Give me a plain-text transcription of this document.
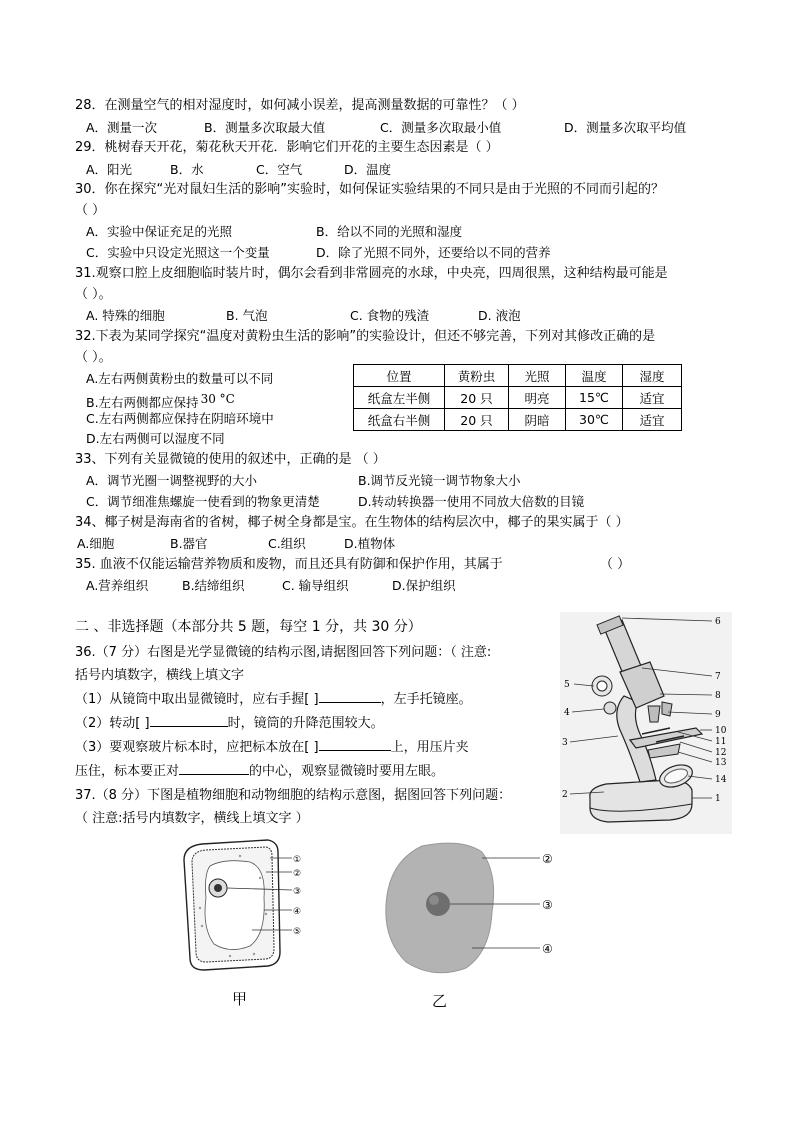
28．在测量空气的相对湿度时，如何减小误差，提高测量数据的可靠性？（ ）
A．测量一次	B．测量多次取最大值	C．测量多次取最小值	D．测量多次取平均值
29．桃树春天开花，菊花秋天开花．影响它们开花的主要生态因素是（ ）
A．阳光	B．水	C．空气	D．温度
30．你在探究“光对鼠妇生活的影响”实验时，如何保证实验结果的不同只是由于光照的不同而引起的？
（ ）
A．实验中保证充足的光照	B．给以不同的光照和湿度
C．实验中只设定光照这一个变量	D．除了光照不同外，还要给以不同的营养
31.观察口腔上皮细胞临时装片时，偶尔会看到非常圆亮的水球，中央亮，四周很黑，这种结构最可能是
（ ）。
A. 特殊的细胞	B. 气泡	C. 食物的残渣	D. 液泡
32.下表为某同学探究“温度对黄粉虫生活的影响”的实验设计，但还不够完善，下列对其修改正确的是
（ ）。
A.左右两侧黄粉虫的数量可以不同
B.左右两侧都应保持 30 °C
C.左右两侧都应保持在阴暗环境中
D.左右两侧可以湿度不同
位置	黄粉虫	光照	温度	湿度
纸盒左半侧	20 只	明亮	15℃	适宜
纸盒右半侧	20 只	阴暗	30℃	适宜
33、下列有关显微镜的使用的叙述中，正确的是 （ ）
A．调节光圈一调整视野的大小	B.调节反光镜一调节物象大小
C．调节细准焦螺旋一使看到的物象更清楚	D.转动转换器一使用不同放大倍数的目镜
34、椰子树是海南省的省树，椰子树全身都是宝。在生物体的结构层次中，椰子的果实属于（ ）
A.细胞	B.器官	C.组织	D.植物体
35. 血液不仅能运输营养物质和废物，而且还具有防御和保护作用，其属于	（ ）
A.营养组织	B.结缔组织	C. 输导组织	D.保护组织
二 、非选择题（本部分共 5 题，每空 1 分，共 30 分）
36.（7 分）右图是光学显微镜的结构示图,请据图回答下列问题：（ 注意:
括号内填数字，横线上填文字
（1）从镜筒中取出显微镜时，应右手握[ ]	，左手托镜座。
（2）转动[ ]	时，镜筒的升降范围较大。
（3）要观察玻片标本时，应把标本放在[ ]	上，用压片夹
压住，标本要正对	的中心，观察显微镜时要用左眼。
37.（8 分）下图是植物细胞和动物细胞的结构示意图，据图回答下列问题：
（ 注意:括号内填数字，横线上填文字 ）
6
7
8
9
10
11
12
13
14
1
5
4
3
2
①
②
③
④
⑤
甲
②
③
④
乙
